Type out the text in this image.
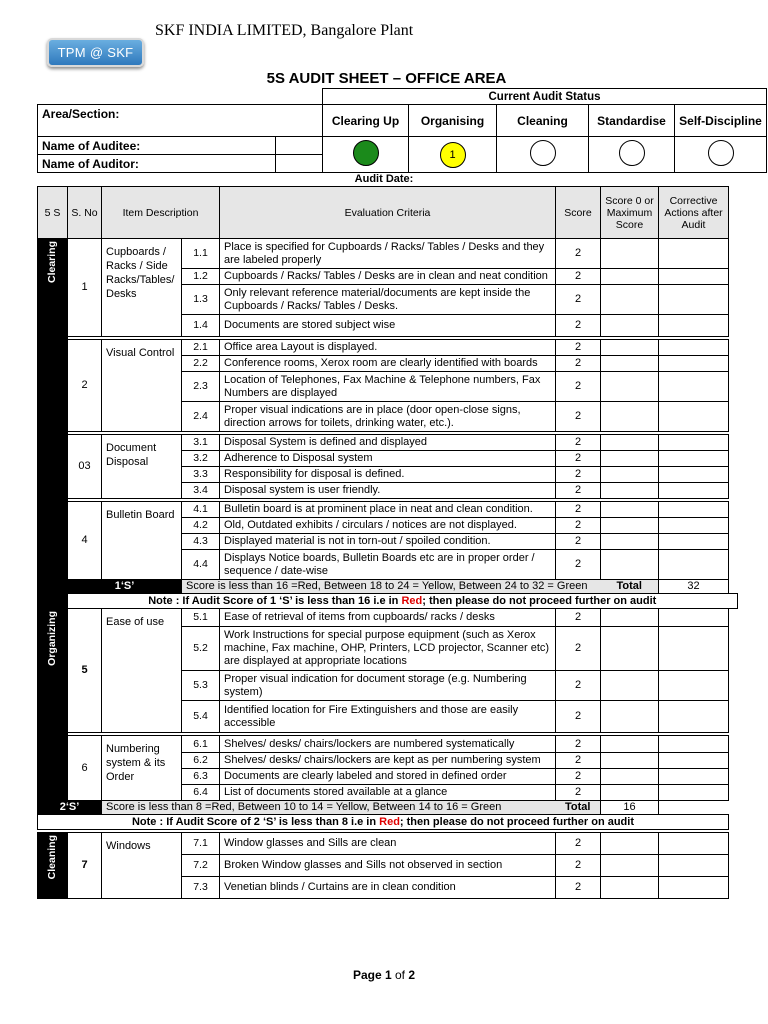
SKF INDIA LIMITED, Bangalore Plant
TPM @ SKF
5S AUDIT SHEET – OFFICE AREA
		Current Audit Status				
Area/Section:		Clearing Up	Organising	Cleaning	Standardise	Self-Discipline
Name of Auditee:			1			
Name of Auditor:						
Audit Date:
5 S	S. No	Item Description		Evaluation Criteria	Score	Score 0 or Maximum Score	Corrective Actions after Audit	

Clearing	1	Cupboards / Racks / Side Racks/Tables/ Desks	1.1	Place is specified for Cupboards / Racks/ Tables / Desks and they are labeled properly	2			
			1.2	Cupboards / Racks/ Tables / Desks are in clean and neat condition	2			
			1.3	Only relevant reference material/documents are kept inside the Cupboards / Racks/ Tables / Desks.	2			
			1.4	Documents are stored subject wise	2			

	2	Visual Control	2.1	Office area Layout is displayed.	2			
			2.2	Conference rooms, Xerox room are clearly identified with boards	2			
			2.3	Location of Telephones, Fax Machine & Telephone numbers, Fax Numbers are displayed	2			
			2.4	Proper visual indications are in place (door open-close signs, direction arrows for toilets, drinking water, etc.).	2			

	03	Document Disposal	3.1	Disposal System is defined and displayed	2			
			3.2	Adherence to Disposal system	2			
			3.3	Responsibility for disposal is defined.	2			
			3.4	Disposal system is user friendly.	2			

	4	Bulletin Board	4.1	Bulletin board is at prominent place in neat and clean condition.	2			
			4.2	Old, Outdated exhibits / circulars / notices are not displayed.	2			
			4.3	Displayed material is not in torn-out / spoiled condition.	2			
			4.4	Displays Notice boards, Bulletin Boards etc are in proper order / sequence / date-wise	2			
	1‘S’		Score is less than 16 =Red, Between 18 to 24 = Yellow, Between 24 to 32 = Green			Total	32	
	Note : If Audit Score of 1 ‘S’ is less than 16 i.e in Red; then please do not proceed further on audit							

Organizing	5	Ease of use	5.1	Ease of retrieval of items from cupboards/ racks / desks	2			
			5.2	Work Instructions for special purpose equipment (such as Xerox machine, Fax machine, OHP, Printers, LCD projector, Scanner etc) are displayed at appropriate locations	2			
			5.3	Proper visual indication for document storage (e.g. Numbering system)	2			
			5.4	Identified location for Fire Extinguishers and those are easily accessible	2			

	6	Numbering system & its Order	6.1	Shelves/ desks/ chairs/lockers are numbered systematically	2			
			6.2	Shelves/ desks/ chairs/lockers are kept as per numbering system	2			
			6.3	Documents are clearly labeled and stored in defined order	2			
			6.4	List of documents stored available at a glance	2			
2‘S’		Score is less than 8 =Red, Between 10 to 14 = Yellow, Between 14 to 16 = Green			Total	16		
Note : If Audit Score of 2 ‘S’ is less than 8 i.e in Red; then please do not proceed further on audit								

Cleaning	7	Windows	7.1	Window glasses and Sills are clean	2			
			7.2	Broken Window glasses and Sills not observed in section	2			
			7.3	Venetian blinds / Curtains are in clean condition	2			
Page 1 of 2
